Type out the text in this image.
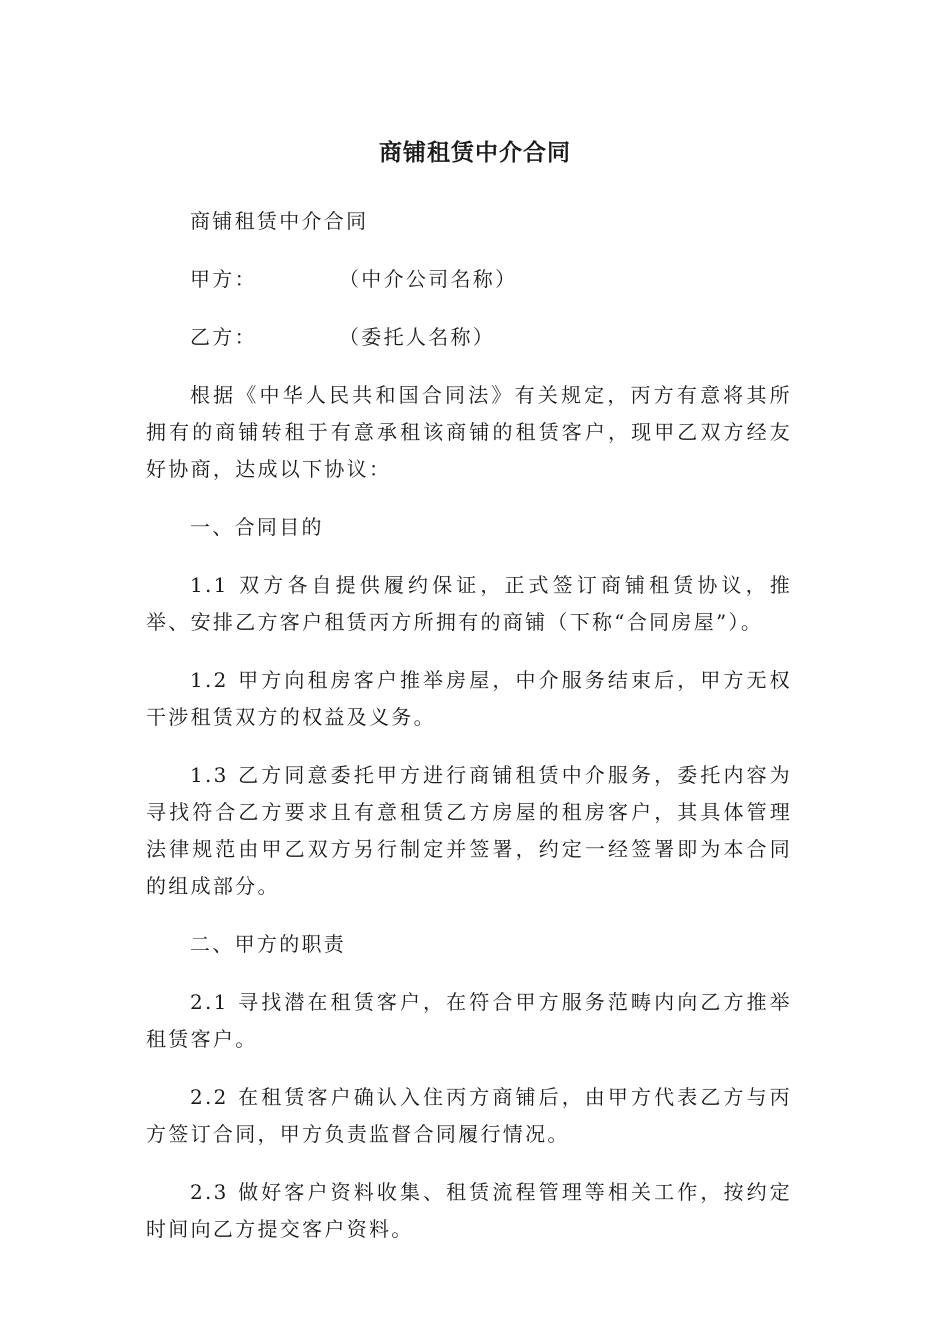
商铺租赁中介合同

商铺租赁中介合同

甲方：	（中介公司名称）

乙方：	（委托人名称）

根据《中华人民共和国合同法》有关规定，丙方有意将其所拥有的商铺转租于有意承租该商铺的租赁客户，现甲乙双方经友好协商，达成以下协议：

一、合同目的

1.1 双方各自提供履约保证，正式签订商铺租赁协议，推举、安排乙方客户租赁丙方所拥有的商铺（下称“合同房屋”）。

1.2 甲方向租房客户推举房屋，中介服务结束后，甲方无权干涉租赁双方的权益及义务。

1.3 乙方同意委托甲方进行商铺租赁中介服务，委托内容为寻找符合乙方要求且有意租赁乙方房屋的租房客户，其具体管理法律规范由甲乙双方另行制定并签署，约定一经签署即为本合同的组成部分。

二、甲方的职责

2.1 寻找潜在租赁客户，在符合甲方服务范畴内向乙方推举租赁客户。

2.2 在租赁客户确认入住丙方商铺后，由甲方代表乙方与丙方签订合同，甲方负责监督合同履行情况。

2.3 做好客户资料收集、租赁流程管理等相关工作，按约定时间向乙方提交客户资料。
